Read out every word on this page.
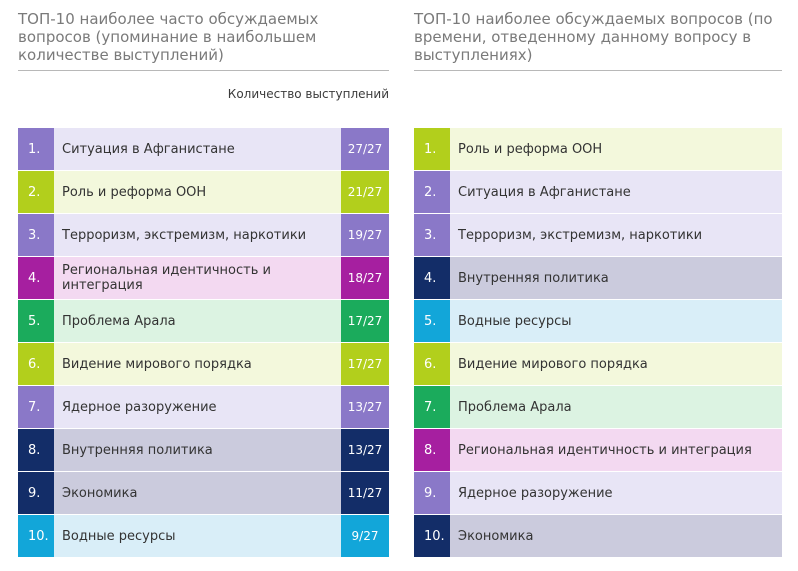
ТОП-10 наиболее часто обсуждаемых вопросов (упоминание в наибольшем количестве выступлений)
Количество выступлений
1.	Ситуация в Афганистане	27/27
2.	Роль и реформа ООН	21/27
3.	Терроризм, экстремизм, наркотики	19/27
4.	Региональная идентичность и интеграция	18/27
5.	Проблема Арала	17/27
6.	Видение мирового порядка	17/27
7.	Ядерное разоружение	13/27
8.	Внутренняя политика	13/27
9.	Экономика	11/27
10.	Водные ресурсы	9/27
ТОП-10 наиболее обсуждаемых вопросов (по времени, отведенному данному вопросу в выступлениях)
1.	Роль и реформа ООН
2.	Ситуация в Афганистане
3.	Терроризм, экстремизм, наркотики
4.	Внутренняя политика
5.	Водные ресурсы
6.	Видение мирового порядка
7.	Проблема Арала
8.	Региональная идентичность и интеграция
9.	Ядерное разоружение
10.	Экономика
